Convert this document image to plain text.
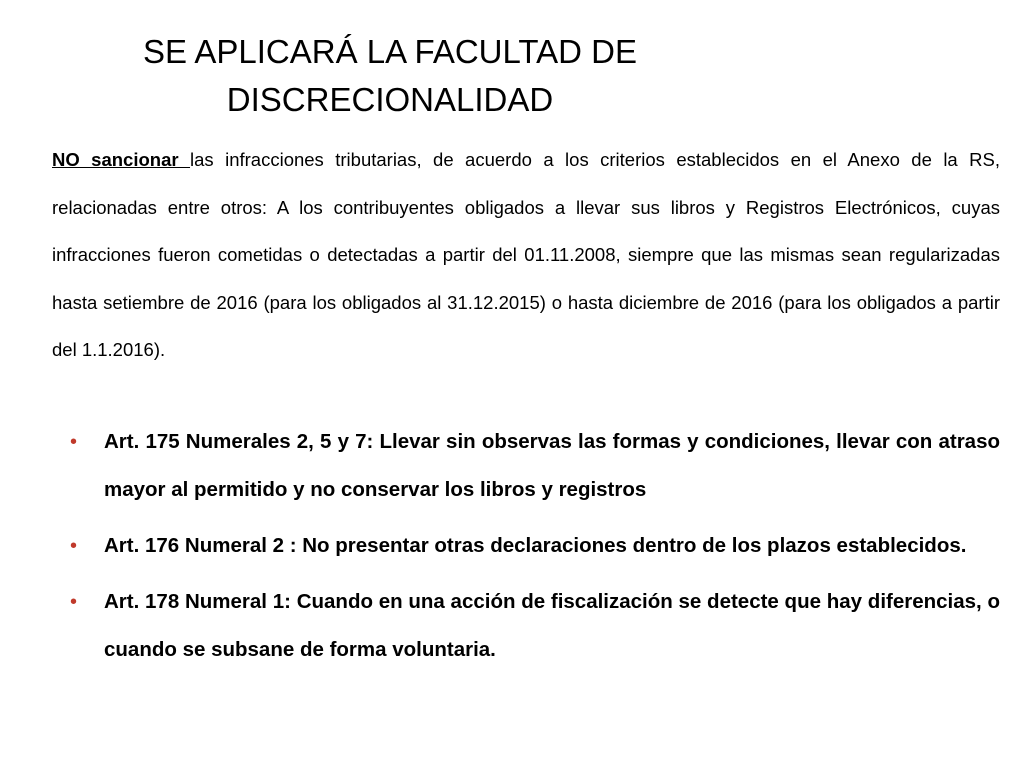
SE APLICARÁ LA FACULTAD DE
DISCRECIONALIDAD

NO sancionar las infracciones tributarias, de acuerdo a los criterios establecidos en el Anexo de la RS, relacionadas entre otros: A los contribuyentes obligados a llevar sus libros y Registros Electrónicos, cuyas infracciones fueron cometidas o detectadas a partir del 01.11.2008, siempre que las mismas sean regularizadas hasta setiembre de 2016 (para los obligados al 31.12.2015) o hasta diciembre de 2016 (para los obligados a partir del 1.1.2016).

• Art. 175 Numerales 2, 5 y 7: Llevar sin observas las formas y condiciones, llevar con atraso mayor al permitido y no conservar los libros y registros
• Art. 176 Numeral 2 : No presentar otras declaraciones dentro de los plazos establecidos.
• Art. 178 Numeral 1: Cuando en una acción de fiscalización se detecte que hay diferencias, o cuando se subsane de forma voluntaria.
